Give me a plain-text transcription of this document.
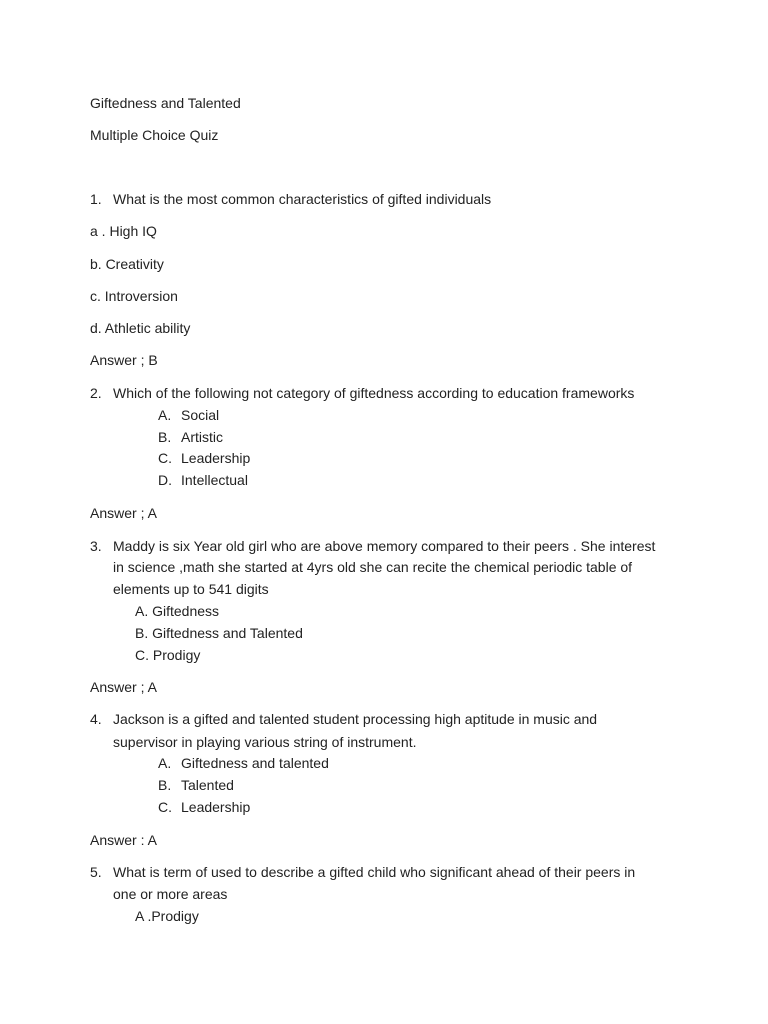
Giftedness and Talented
Multiple Choice Quiz
1. What is the most common characteristics of gifted individuals
a . High IQ
b. Creativity
c. Introversion
d. Athletic ability
Answer ; B
2. Which of the following not category of giftedness according to education frameworks
A. Social
B. Artistic
C. Leadership
D. Intellectual
Answer ; A
3. Maddy is six Year old girl who are above memory compared to their peers . She interest
in science ,math she started at 4yrs old she can recite the chemical periodic table of
elements up to 541 digits
A. Giftedness
B. Giftedness and Talented
C. Prodigy
Answer ; A
4. Jackson is a gifted and talented student processing high aptitude in music and
supervisor in playing various string of instrument.
A. Giftedness and talented
B. Talented
C. Leadership
Answer : A
5. What is term of used to describe a gifted child who significant ahead of their peers in
one or more areas
A .Prodigy
